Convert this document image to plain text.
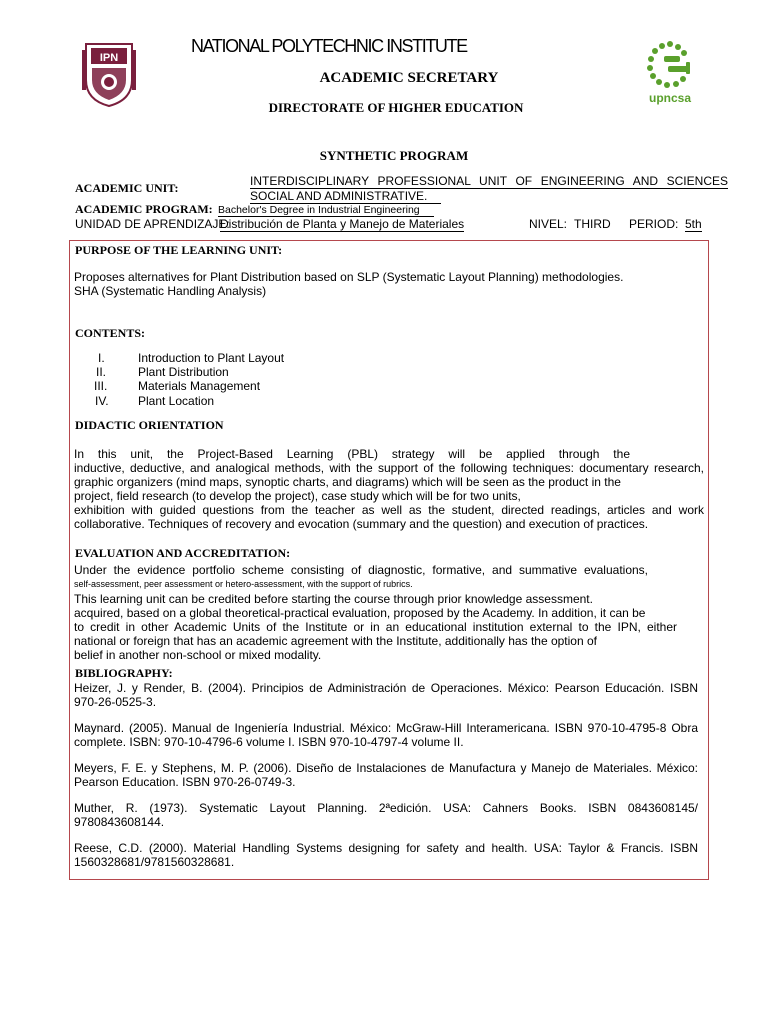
IPN
upncsa
NATIONAL POLYTECHNIC INSTITUTE
ACADEMIC SECRETARY
DIRECTORATE OF HIGHER EDUCATION
SYNTHETIC PROGRAM
ACADEMIC UNIT:	INTERDISCIPLINARY PROFESSIONAL UNIT OF ENGINEERING AND SCIENCES
SOCIAL AND ADMINISTRATIVE.
ACADEMIC PROGRAM: Bachelor's Degree in Industrial Engineering
UNIDAD DE APRENDIZAJE:
Distribución de Planta y Manejo de Materiales	NIVEL: THIRD PERIOD: 5th
PURPOSE OF THE LEARNING UNIT:
Proposes alternatives for Plant Distribution based on SLP (Systematic Layout Planning) methodologies.
SHA (Systematic Handling Analysis)
CONTENTS:
I.	Introduction to Plant Layout
II.	Plant Distribution
III.	Materials Management
IV. Plant Location
DIDACTIC ORIENTATION
In this unit, the Project-Based Learning (PBL) strategy will be applied through the
inductive, deductive, and analogical methods, with the support of the following techniques: documentary research,
graphic organizers (mind maps, synoptic charts, and diagrams) which will be seen as the product in the
project, field research (to develop the project), case study which will be for two units,
exhibition with guided questions from the teacher as well as the student, directed readings, articles and work
collaborative. Techniques of recovery and evocation (summary and the question) and execution of practices.
EVALUATION AND ACCREDITATION:
Under the evidence portfolio scheme consisting of diagnostic, formative, and summative evaluations,
self-assessment, peer assessment or hetero-assessment, with the support of rubrics.
This learning unit can be credited before starting the course through prior knowledge assessment.
acquired, based on a global theoretical-practical evaluation, proposed by the Academy. In addition, it can be
to credit in other Academic Units of the Institute or in an educational institution external to the IPN, either
national or foreign that has an academic agreement with the Institute, additionally has the option of
belief in another non-school or mixed modality.
BIBLIOGRAPHY:
Heizer, J. y Render, B. (2004). Principios de Administración de Operaciones. México: Pearson Educación. ISBN
970-26-0525-3.
Maynard. (2005). Manual de Ingeniería Industrial. México: McGraw-Hill Interamericana. ISBN 970-10-4795-8 Obra
complete. ISBN: 970-10-4796-6 volume I. ISBN 970-10-4797-4 volume II.
Meyers, F. E. y Stephens, M. P. (2006). Diseño de Instalaciones de Manufactura y Manejo de Materiales. México:
Pearson Education. ISBN 970-26-0749-3.
Muther, R. (1973). Systematic Layout Planning. 2ªedición. USA: Cahners Books. ISBN 0843608145/
9780843608144.
Reese, C.D. (2000). Material Handling Systems designing for safety and health. USA: Taylor & Francis. ISBN
1560328681/9781560328681.
